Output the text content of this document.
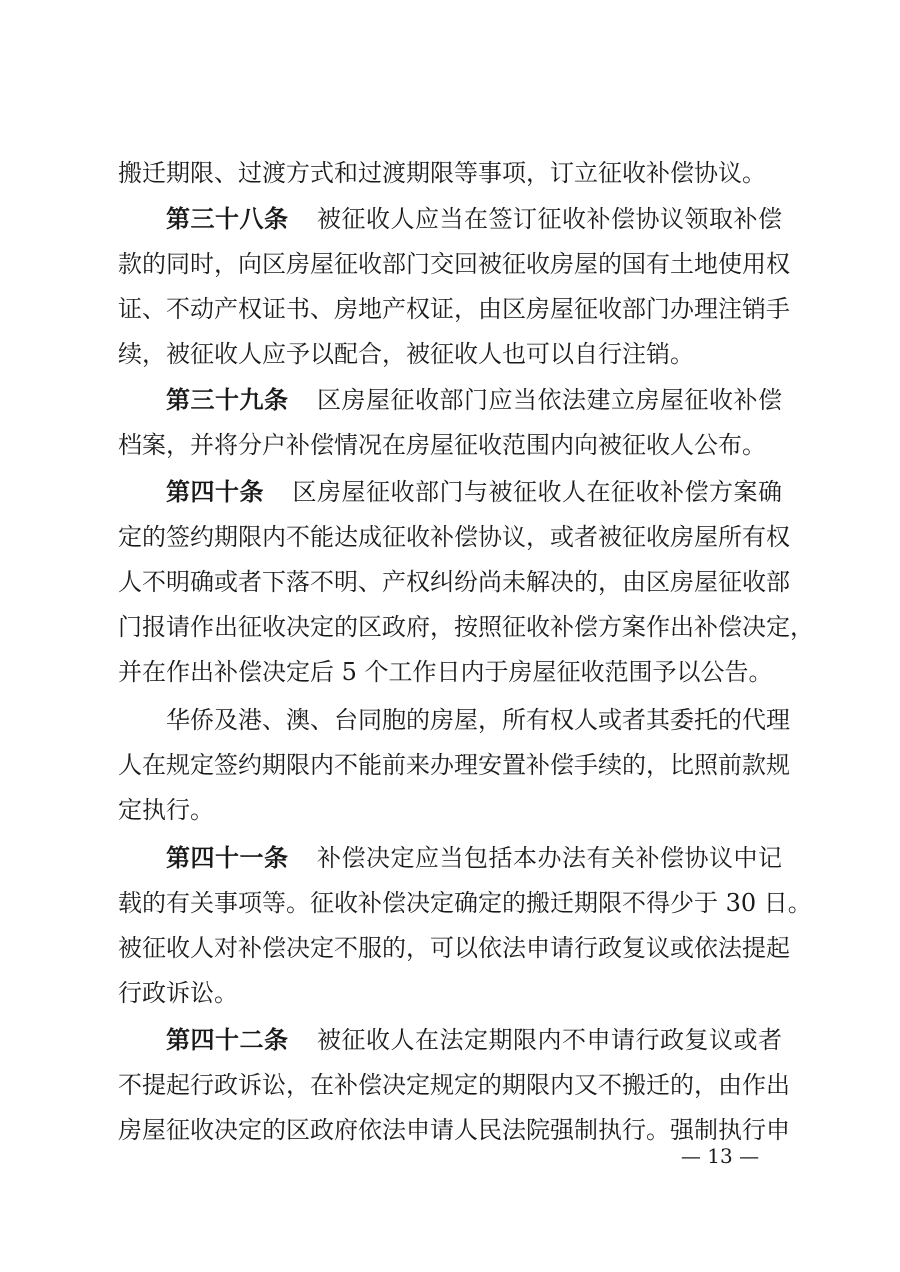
搬迁期限、过渡方式和过渡期限等事项，订立征收补偿协议。
第三十八条 被征收人应当在签订征收补偿协议领取补偿
款的同时，向区房屋征收部门交回被征收房屋的国有土地使用权
证、不动产权证书、房地产权证，由区房屋征收部门办理注销手
续，被征收人应予以配合，被征收人也可以自行注销。
第三十九条 区房屋征收部门应当依法建立房屋征收补偿
档案，并将分户补偿情况在房屋征收范围内向被征收人公布。
第四十条 区房屋征收部门与被征收人在征收补偿方案确
定的签约期限内不能达成征收补偿协议，或者被征收房屋所有权
人不明确或者下落不明、产权纠纷尚未解决的，由区房屋征收部
门报请作出征收决定的区政府，按照征收补偿方案作出补偿决定，
并在作出补偿决定后 5 个工作日内于房屋征收范围予以公告。
华侨及港、澳、台同胞的房屋，所有权人或者其委托的代理
人在规定签约期限内不能前来办理安置补偿手续的，比照前款规
定执行。
第四十一条 补偿决定应当包括本办法有关补偿协议中记
载的有关事项等。征收补偿决定确定的搬迁期限不得少于 30 日。
被征收人对补偿决定不服的，可以依法申请行政复议或依法提起
行政诉讼。
第四十二条 被征收人在法定期限内不申请行政复议或者
不提起行政诉讼，在补偿决定规定的期限内又不搬迁的，由作出
房屋征收决定的区政府依法申请人民法院强制执行。强制执行申
— 13 —
